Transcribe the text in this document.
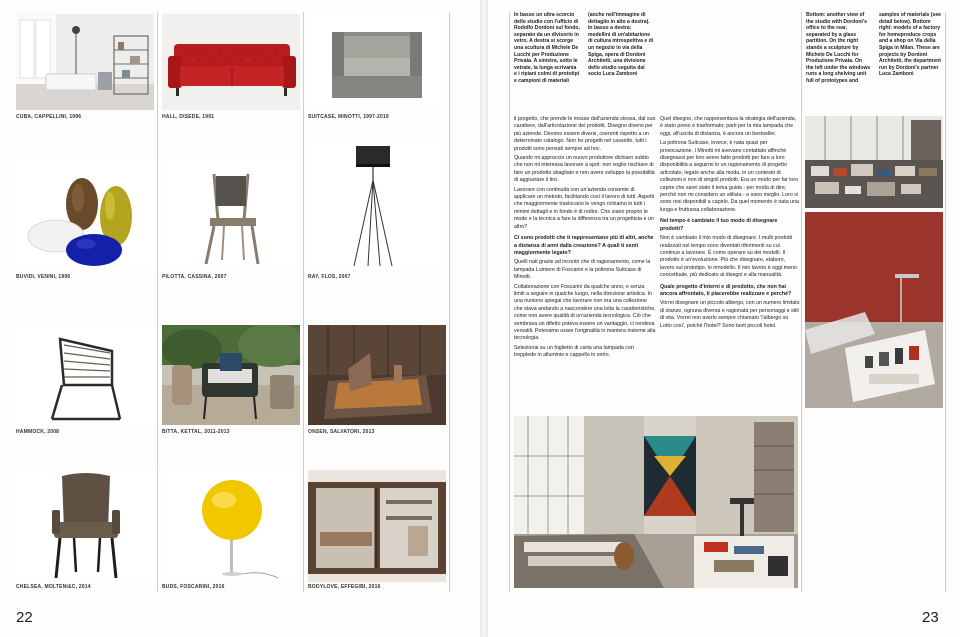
CUBA, CAPPELLINI, 1996	HALL, DISEDE, 1991	SUITCASE, MINOTTI, 1997-2019
BUVIDI, VENINI, 1996	PILOTTA, CASSINA, 2007	RAY, FLOS, 2007
HAMMOCK, 2008	BITTA, KETTAL, 2011-2013	ONSEN, SALVATORI, 2013
CHELSEA, MOLTENI&C, 2014	BUDS, FOSCARINI, 2016	BODYLOVE, EFFEGIBI, 2016
22
In basso un ultra scorcio dello studio con l'ufficio di Rodolfo Dordoni sul fondo, separato da un divisorio in vetro. A destra si scorge una scultura di Michele De Lucchi per Produzione Privata. A sinistra, sotto le vetrate, la lunga scrivania e i ripiani colmi di prototipi e campioni di materiali (anche nell'immagine di dettaglio in alto a destra). In basso a destra: modellini di un'abitazione di cultura introspettiva e di un negozio in via della Spiga, opera di Dordoni Architetti, una divisione dello studio seguita dal socio Luca Zamboni
Bottom: another view of the studio with Dordoni's office to the rear, separated by a glass partition. On the right stands a sculpture by Michele De Lucchi for Produzione Privata. On the left under the windows runs a long shelving unit full of prototypes and samples of materials (see detail below). Bottom right: models of a factory for homeproduce crops and a shop on Via della Spiga in Milan. These are projects by Dordoni Architetti, the department run by Dordoni's partner Luca Zamboni

il progetto, che prende le mosse dall'azienda stessa, dal suo carattere, dall'articolazione dei prodotti. Disegno diversi per più aziende. Devono essere diversi, coerenti rispetto a un determinato catalogo. Non ho progetti nel cassetto, tutti i prodotti sono pensati sempre ad hoc.

Quando mi approccio un nuovo produttore dichiaro subito che non mi interessa lavorare a spot: non voglio rischiare di fare un prodotto sbagliato e non avere sviluppo la possibilità di aggiustare il tiro.

Lavorare con continuità con un'azienda consente di applicare un metodo, facilitando così il lavoro di tutti. Aspetti che maggiormente traslocano le vengo richiamo in tutti i minimi dettagli e in fondo è di redire. Che siano proprio le mode e la tecnica a fare la differenza tra un progettista e un altro?

Ci sono prodotti che ti rappresentano più di altri, anche a distanza di anni dalla creazione? A quali ti senti maggiormente legato?

Quelli nati grazie ad incontri che di ragionamento, come la lampada Lumiere di Foscarini e la poltrona Suitcase di Minotti.

Collaborazione con Foscarini da qualche anno, e senza limiti a seguire in qualche luogo, nella direzione artistica. In una riunione spiegai che lavorare non era una collezione che stava andando a nascondere una lotta la caratteristiche, come non avere qualità di un'azienda tecnologica. Ciò che sembrava un difetto poteva essere un vantaggio, ci rendeva versatili. Potevamo usare l'originalità in maniera insieme alla tecnologia.

Selezionai su un foglietto di carta una lampada con trepplede in alluminio e cappello in vetro.

Quel disegno, che rappresentava la strategia dell'azienda, è stato preso e trasformato; parti per la mia lampada che oggi, all'uscita di distanza, è ancora un bestseller.

La poltrona Suitcase, invece, è nata quasi per provocazione. I Minotti mi avevano contattato affinché disegnassi per loro avere fatto prodotti per fare a loro disponibilità a seguirmi in un ragionamento di progetto articolato, legato anche alla moda, in un contesto di collezioni e non di singoli prodotti. Era un modo per far loro capire che sarei stato il tema guida - per moda di dire, perché non mi considero un stilista - e sono meglio. Loro si sono resi disponibili a capirlo. Da quel momento è nata una lunga e fruttuosa collaborazione.

Nel tempo è cambiato il tuo modo di disegnare prodotti?

Non è cambiato il mio modo di disegnare. I multi prodotti realizzati nel tempo sono diventati riferimenti su cui continuo a lavorare. È come operare su dei modelli. Il prodotto è un'evoluzione. Più che disegnare, elaboro, lavoro sul prototipo, lo rimodello. Il mio lavoro è oggi meno concettuale, più dedicato ai disegni e alla manualità.

Quale progetto d'interni e di prodotto, che non hai ancora affrontato, ti piacerebbe realizzare e perché?

Vorrei disegnare un piccolo albergo, con un numero limitato di stanze, ognuna diversa e ragionata per personaggi e stili di vita. Vorrei non averlo sempre chiamato 'l'albergo su Lotto così', poiché l'hotel? Sono tanti piccoli hotel.

23
